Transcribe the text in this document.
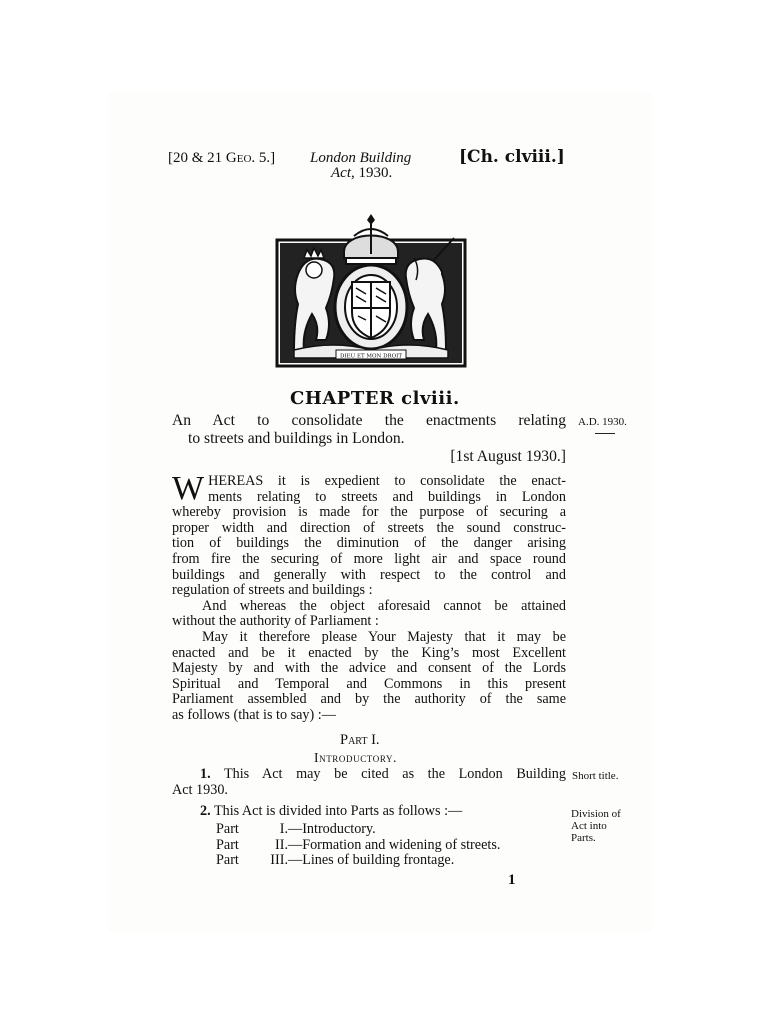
[20 & 21 Geo. 5.] London Building
Act, 1930.
[Ch. clviii.]
DIEU ET MON DROIT
CHAPTER clviii.
An Act to consolidate the enactments relating
to streets and buildings in London.
[1st August 1930.]
A.D. 1930.
W HEREAS it is expedient to consolidate the enact-
ments relating to streets and buildings in London
whereby provision is made for the purpose of securing a
proper width and direction of streets the sound construc-
tion of buildings the diminution of the danger arising
from fire the securing of more light air and space round
buildings and generally with respect to the control and
regulation of streets and buildings :
And whereas the object aforesaid cannot be attained
without the authority of Parliament :
May it therefore please Your Majesty that it may be
enacted and be it enacted by the King’s most Excellent
Majesty by and with the advice and consent of the Lords
Spiritual and Temporal and Commons in this present
Parliament assembled and by the authority of the same
as follows (that is to say) :—
Part I.
Introductory.
1. This Act may be cited as the London Building
Act 1930.
Short title.
2. This Act is divided into Parts as follows :—	Division of
Act into
Parts.
Part	I. —Introductory.
Part	II. —Formation and widening of streets.
Part	III. —Lines of building frontage.
1
